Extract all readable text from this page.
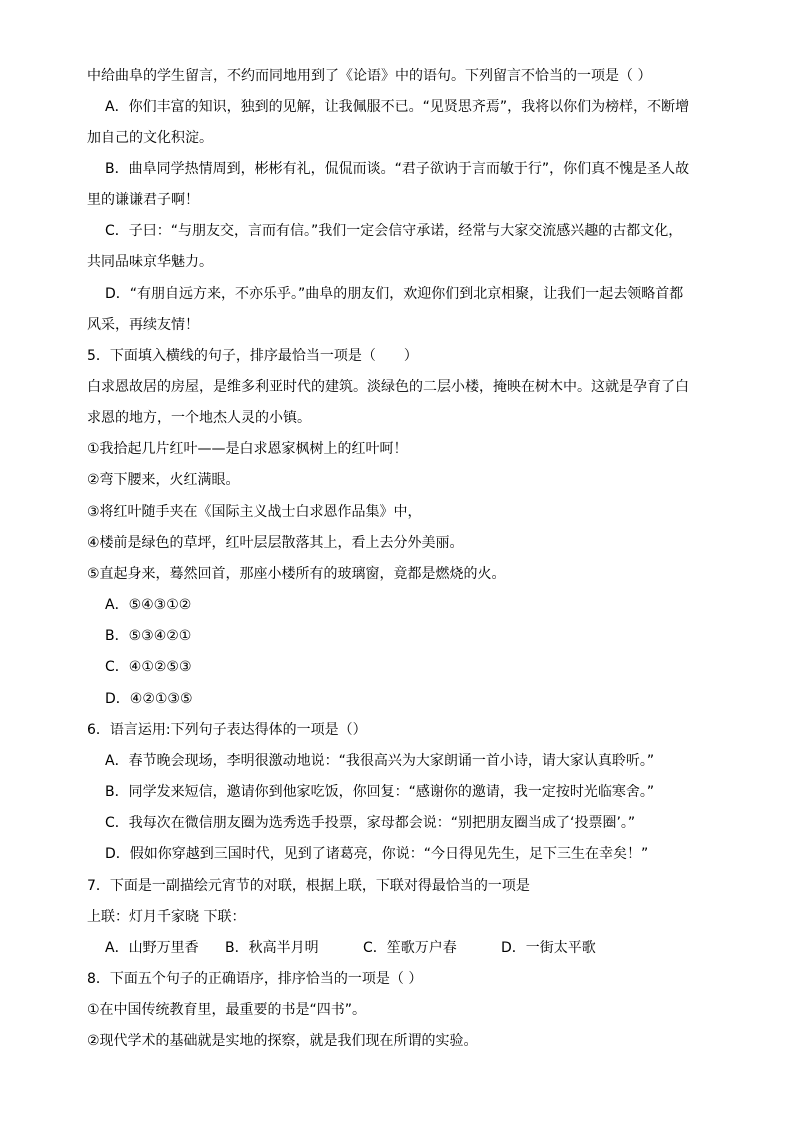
中给曲阜的学生留言，不约而同地用到了《论语》中的语句。下列留言不恰当的一项是（ ）
A．你们丰富的知识，独到的见解，让我佩服不已。“见贤思齐焉”，我将以你们为榜样，不断增
加自己的文化积淀。
B．曲阜同学热情周到，彬彬有礼，侃侃而谈。“君子欲讷于言而敏于行”，你们真不愧是圣人故
里的谦谦君子啊！
C．子曰：“与朋友交，言而有信。”我们一定会信守承诺，经常与大家交流感兴趣的古都文化，
共同品味京华魅力。
D．“有朋自远方来，不亦乐乎。”曲阜的朋友们，欢迎你们到北京相聚，让我们一起去领略首都
风采，再续友情！
5．下面填入横线的句子，排序最恰当一项是（　　）
白求恩故居的房屋，是维多利亚时代的建筑。淡绿色的二层小楼，掩映在树木中。这就是孕育了白
求恩的地方，一个地杰人灵的小镇。
①我拾起几片红叶——是白求恩家枫树上的红叶呵！
②弯下腰来，火红满眼。
③将红叶随手夹在《国际主义战士白求恩作品集》中，
④楼前是绿色的草坪，红叶层层散落其上，看上去分外美丽。
⑤直起身来，蓦然回首，那座小楼所有的玻璃窗，竟都是燃烧的火。
A．⑤④③①②
B．⑤③④②①
C．④①②⑤③
D．④②①③⑤
6．语言运用:下列句子表达得体的一项是（）
A．春节晚会现场，李明很激动地说：“我很高兴为大家朗诵一首小诗，请大家认真聆听。”
B．同学发来短信，邀请你到他家吃饭，你回复：“感谢你的邀请，我一定按时光临寒舍。”
C．我每次在微信朋友圈为选秀选手投票，家母都会说：“别把朋友圈当成了‘投票圈’。”
D．假如你穿越到三国时代，见到了诸葛亮，你说：“今日得见先生，足下三生在幸矣！”
7．下面是一副描绘元宵节的对联，根据上联，下联对得最恰当的一项是
上联：灯月千家晓 下联：
A．山野万里香 B．秋高半月明	C．笙歌万户春	D．一街太平歌
8．下面五个句子的正确语序，排序恰当的一项是（ ）
①在中国传统教育里，最重要的书是“四书”。
②现代学术的基础就是实地的探察，就是我们现在所谓的实验。
